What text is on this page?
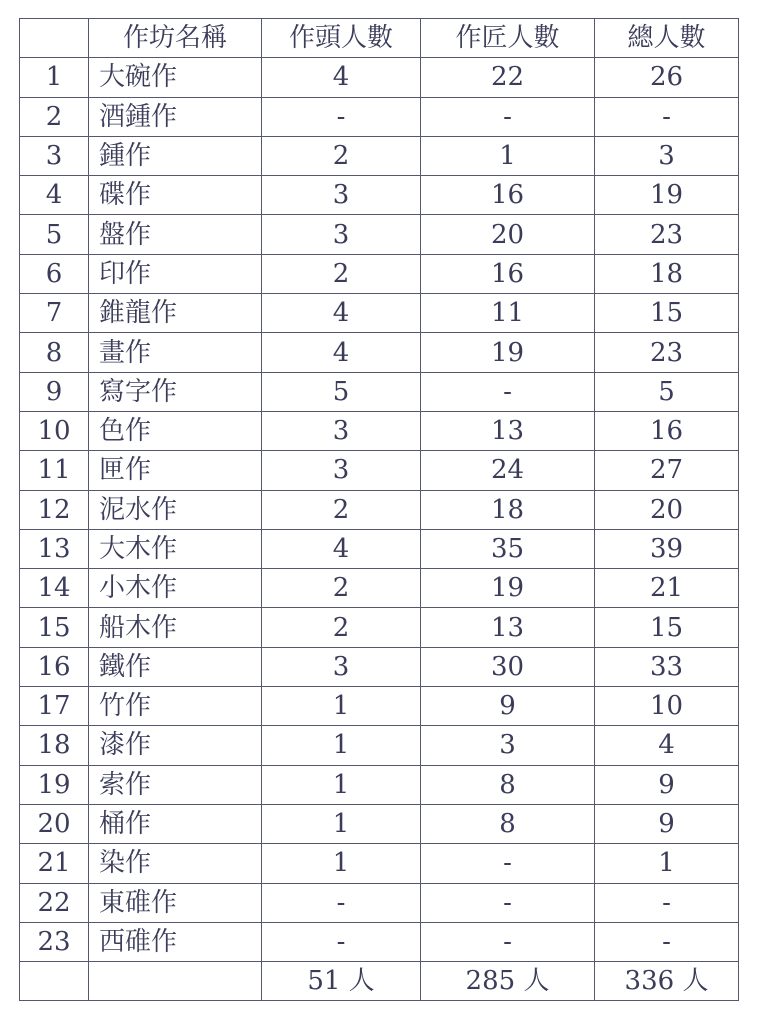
	作坊名稱	作頭人數	作匠人數	總人數
1	大碗作	4	22	26
2	酒鍾作	-	-	-
3	鍾作	2	1	3
4	碟作	3	16	19
5	盤作	3	20	23
6	印作	2	16	18
7	錐龍作	4	11	15
8	畫作	4	19	23
9	寫字作	5	-	5
10	色作	3	13	16
11	匣作	3	24	27
12	泥水作	2	18	20
13	大木作	4	35	39
14	小木作	2	19	21
15	船木作	2	13	15
16	鐵作	3	30	33
17	竹作	1	9	10
18	漆作	1	3	4
19	索作	1	8	9
20	桶作	1	8	9
21	染作	1	-	1
22	東碓作	-	-	-
23	西碓作	-	-	-
		51 人	285 人	336 人
